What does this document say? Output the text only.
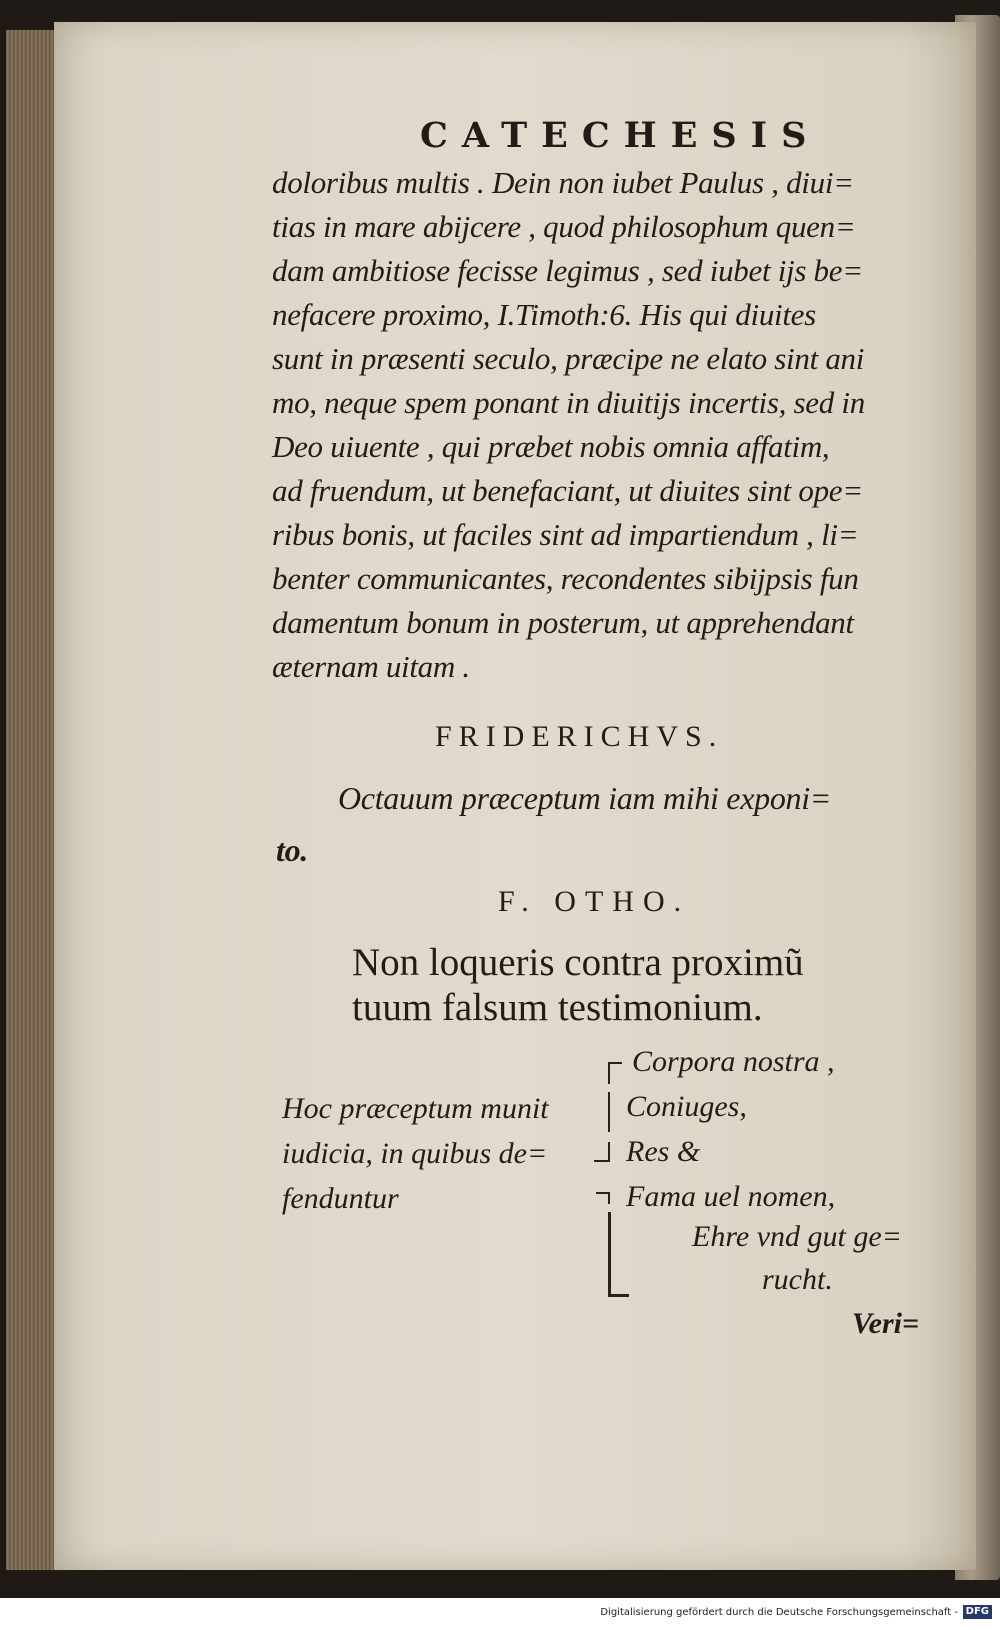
CATECHESIS
doloribus multis . Dein non iubet Paulus , diui=
tias in mare abijcere , quod philosophum quen=
dam ambitiose fecisse legimus , sed iubet ijs be=
nefacere proximo, I.Timoth:6. His qui diuites
sunt in præsenti seculo, præcipe ne elato sint ani
mo, neque spem ponant in diuitijs incertis, sed in
Deo uiuente , qui præbet nobis omnia affatim,
ad fruendum, ut benefaciant, ut diuites sint ope=
ribus bonis, ut faciles sint ad impartiendum , li=
benter communicantes, recondentes sibijpsis fun
damentum bonum in posterum, ut apprehendant
æternam uitam .
FRIDERICHVS.
Octauum præceptum iam mihi exponi=
to.
F. OTHO.
Non loqueris contra proximũ
tuum falsum testimonium.
Hoc præceptum munit
iudicia, in quibus de=
fenduntur
Corpora nostra ,
Coniuges,
Res &
Fama uel nomen,
Ehre vnd gut ge=
rucht.
Veri=
Digitalisierung gefördert durch die Deutsche Forschungsgemeinschaft - DFG
